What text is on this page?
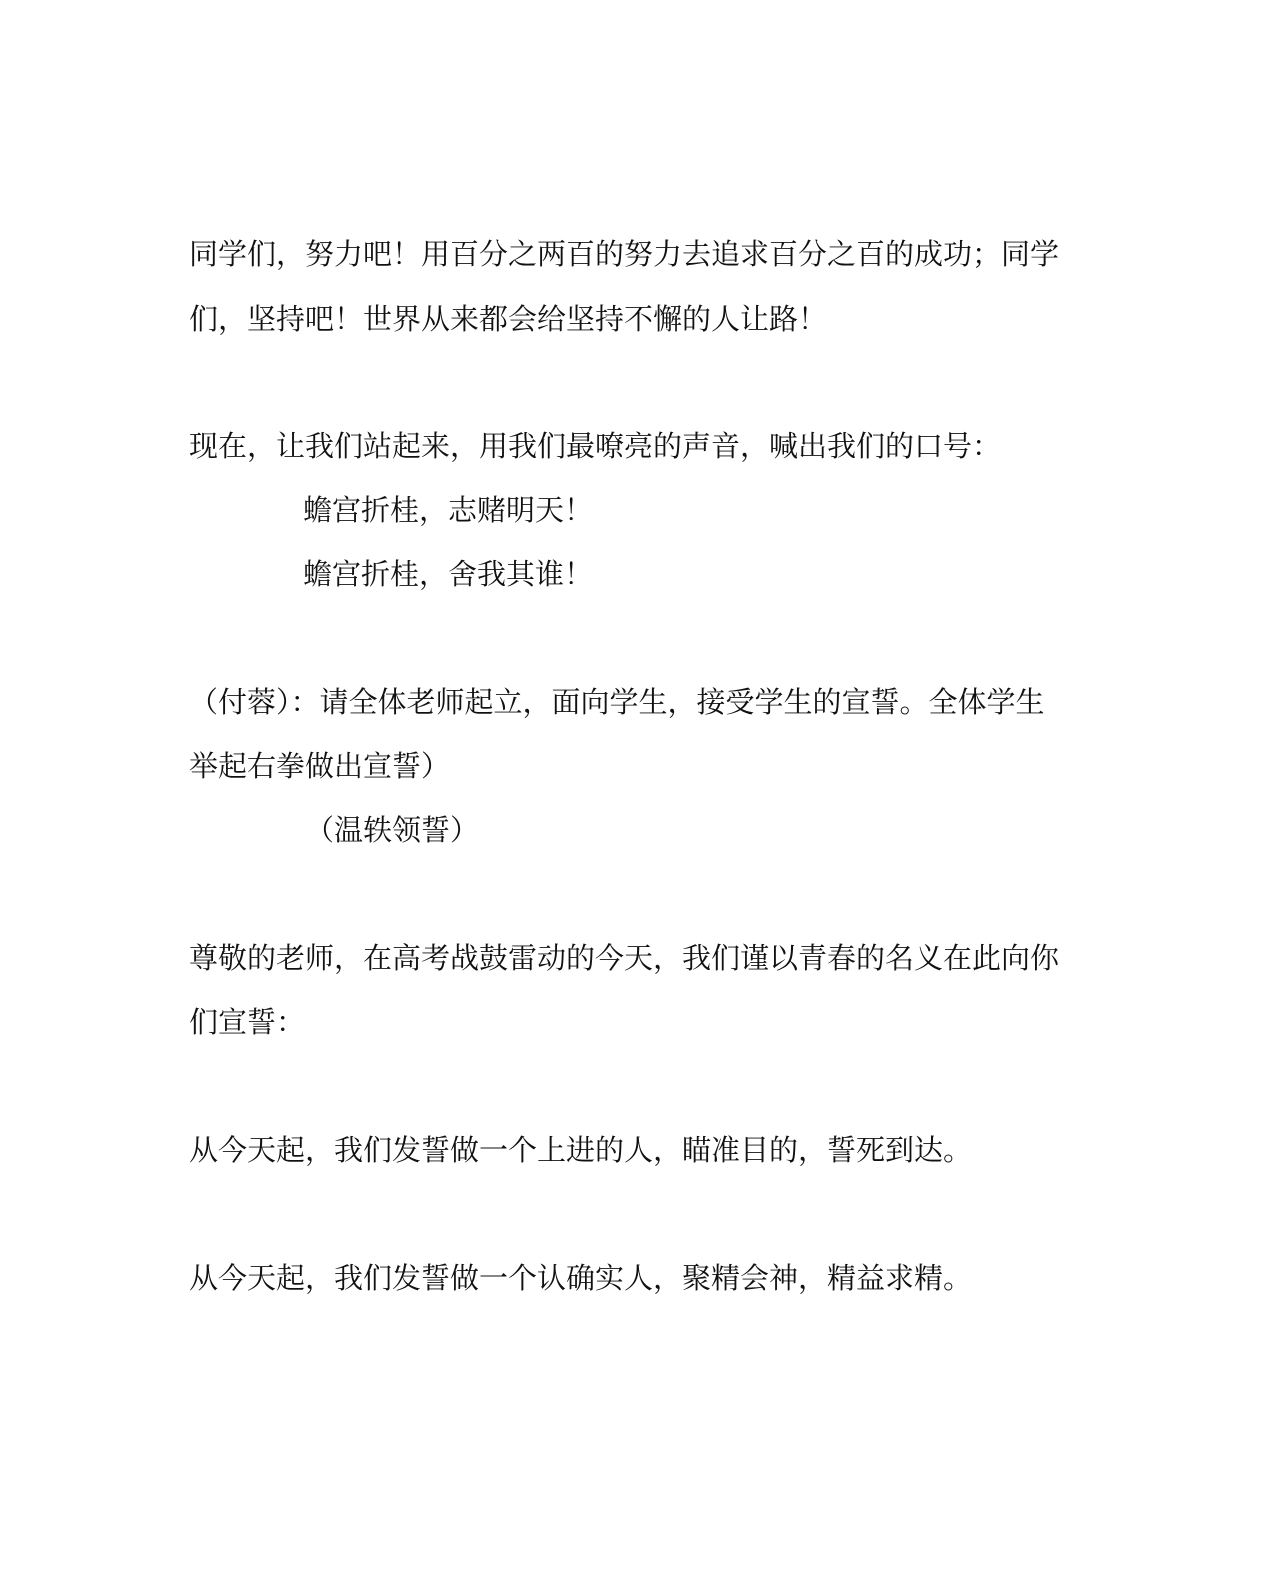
同学们，努力吧！用百分之两百的努力去追求百分之百的成功；同学
们，坚持吧！世界从来都会给坚持不懈的人让路！
现在，让我们站起来，用我们最嘹亮的声音，喊出我们的口号：
蟾宫折桂，志赌明天！
蟾宫折桂，舍我其谁！
（付蓉）：请全体老师起立，面向学生，接受学生的宣誓。全体学生
举起右拳做出宣誓）
（温轶领誓）
尊敬的老师，在高考战鼓雷动的今天，我们谨以青春的名义在此向你
们宣誓：
从今天起，我们发誓做一个上进的人，瞄准目的，誓死到达。
从今天起，我们发誓做一个认确实人，聚精会神，精益求精。
